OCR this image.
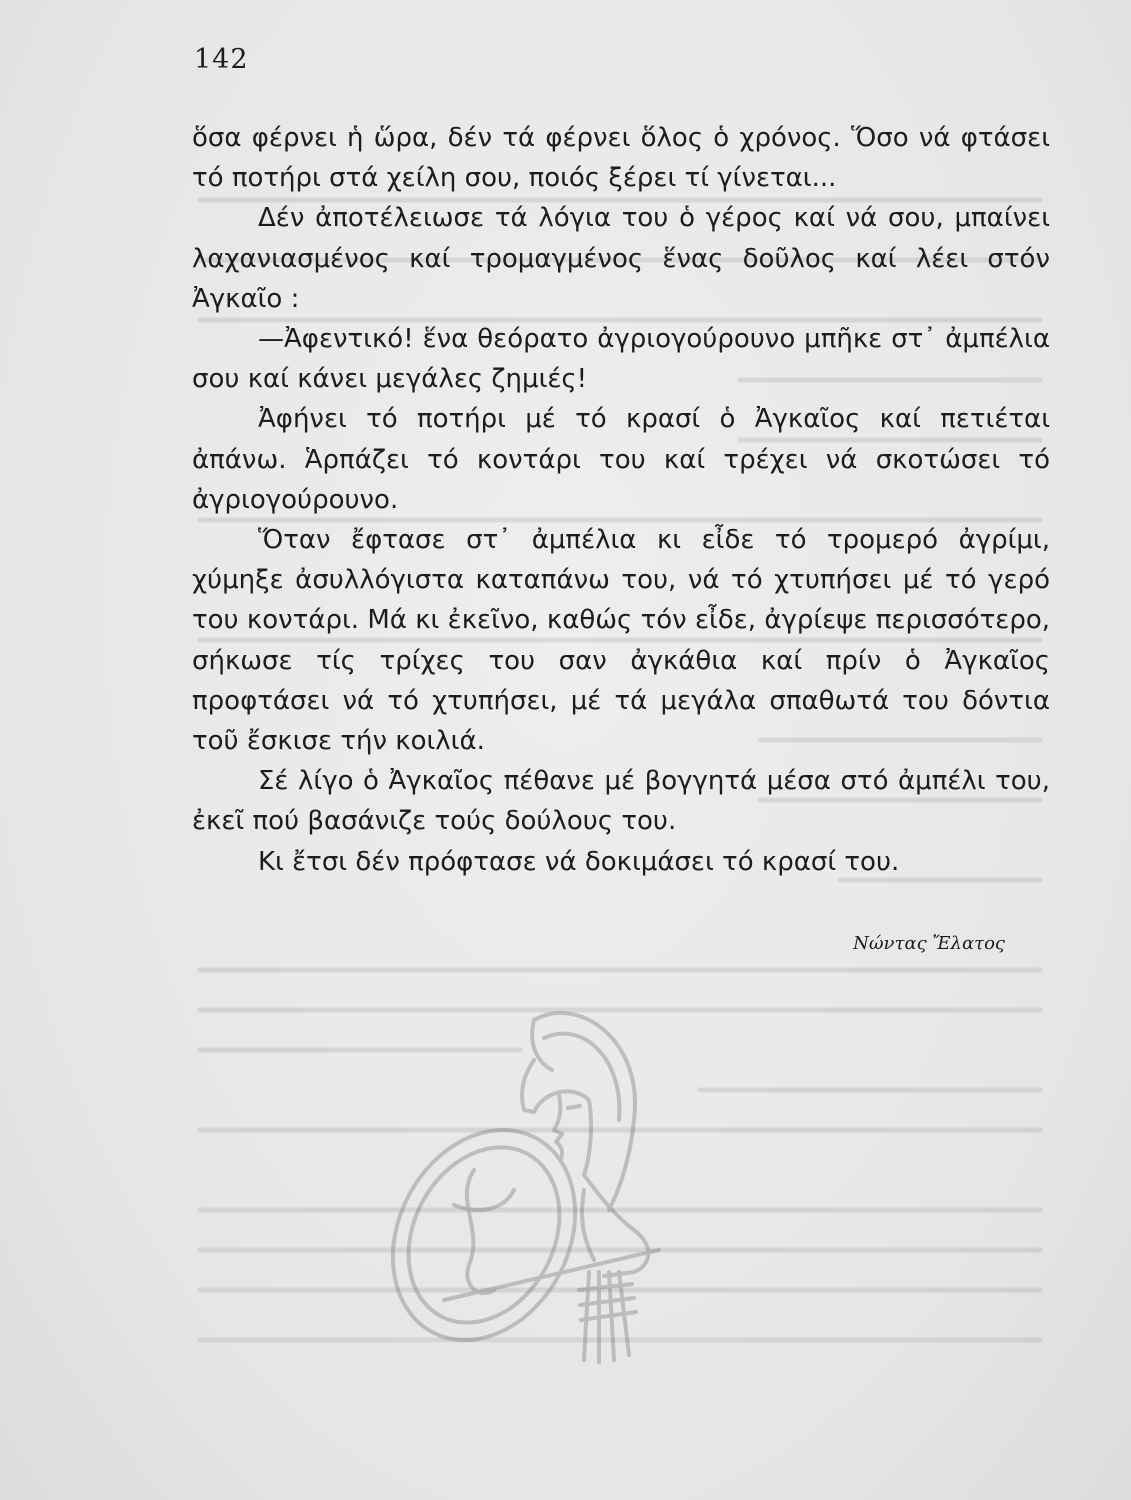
142

ὅσα φέρνει ἡ ὥρα, δέν τά φέρνει ὅλος ὁ χρόνος. Ὅσο νά φτάσει τό ποτήρι στά χείλη σου, ποιός ξέρει τί γίνεται...

Δέν ἀποτέλειωσε τά λόγια του ὁ γέρος καί νά σου, μπαίνει λαχανιασμένος καί τρομαγμένος ἕνας δοῦλος καί λέει στόν Ἀγκαῖο :

—Ἀφεντικό! ἕνα θεόρατο ἀγριογούρουνο μπῆκε στ᾿ ἀμπέλια σου καί κάνει μεγάλες ζημιές!

Ἀφήνει τό ποτήρι μέ τό κρασί ὁ Ἀγκαῖος καί πετιέται ἀπάνω. Ἁρπάζει τό κοντάρι του καί τρέχει νά σκοτώσει τό ἀγριογούρουνο.

Ὅταν ἔφτασε στ᾿ ἀμπέλια κι εἶδε τό τρομερό ἀγρίμι, χύμηξε ἀσυλλόγιστα καταπάνω του, νά τό χτυπήσει μέ τό γερό του κοντάρι. Μά κι ἐκεῖνο, καθώς τόν εἶδε, ἀγρίεψε περισσότερο, σήκωσε τίς τρίχες του σαν ἀγκάθια καί πρίν ὁ Ἀγκαῖος προφτάσει νά τό χτυπήσει, μέ τά μεγάλα σπαθωτά του δόντια τοῦ ἔσκισε τήν κοιλιά.

Σέ λίγο ὁ Ἀγκαῖος πέθανε μέ βογγητά μέσα στό ἀμπέλι του, ἐκεῖ πού βασάνιζε τούς δούλους του.

Κι ἔτσι δέν πρόφτασε νά δοκιμάσει τό κρασί του.

Νώντας Ἔλατος
